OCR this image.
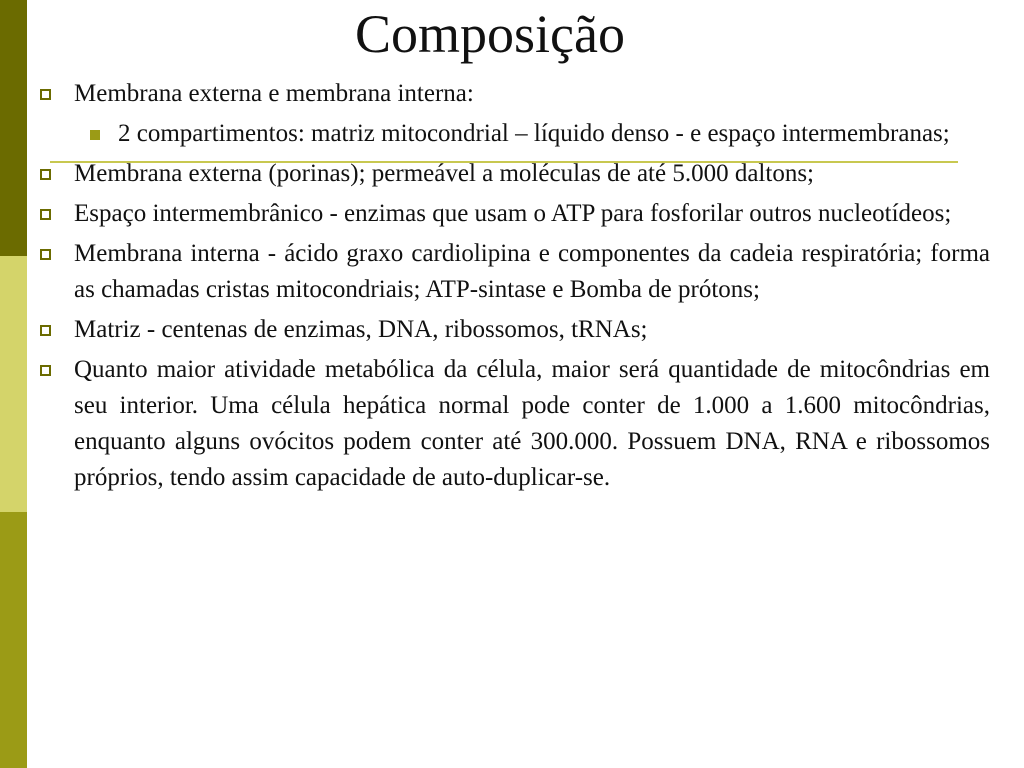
Composição
Membrana externa e membrana interna:
2 compartimentos: matriz mitocondrial – líquido denso - e espaço intermembranas;
Membrana externa (porinas); permeável a moléculas de até 5.000 daltons;
Espaço intermembrânico - enzimas que usam o ATP para fosforilar outros nucleotídeos;
Membrana interna - ácido graxo cardiolipina e componentes da cadeia respiratória; forma as chamadas cristas mitocondriais; ATP-sintase e Bomba de prótons;
Matriz - centenas de enzimas, DNA, ribossomos, tRNAs;
Quanto maior atividade metabólica da célula, maior será quantidade de mitocôndrias em seu interior. Uma célula hepática normal pode conter de 1.000 a 1.600 mitocôndrias, enquanto alguns ovócitos podem conter até 300.000. Possuem DNA, RNA e ribossomos próprios, tendo assim capacidade de auto-duplicar-se.
